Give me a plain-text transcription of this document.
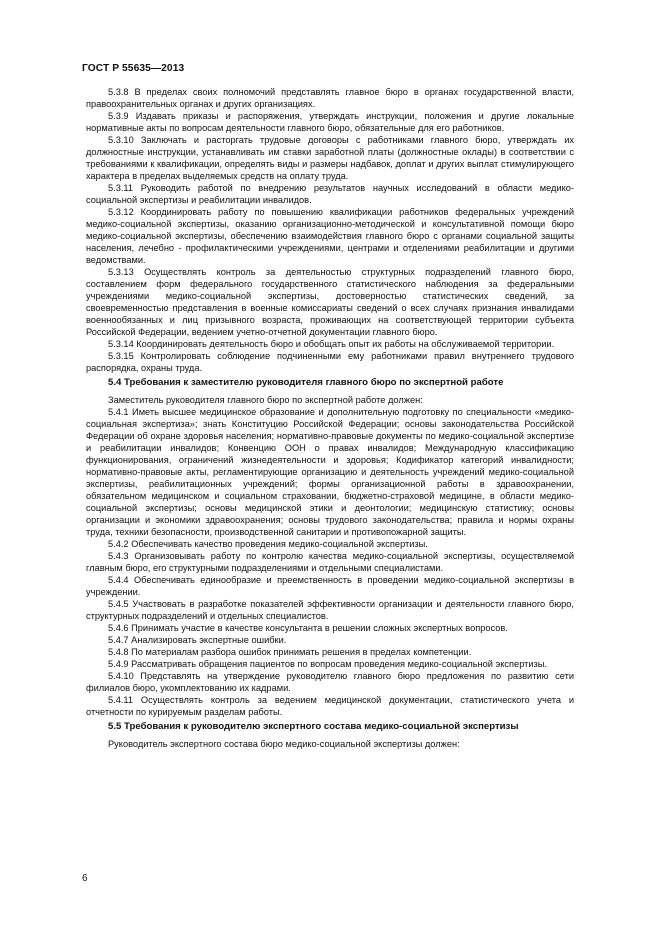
ГОСТ Р 55635—2013

5.3.8 В пределах своих полномочий представлять главное бюро в органах государственной власти, правоохранительных органах и других организациях.

5.3.9 Издавать приказы и распоряжения, утверждать инструкции, положения и другие локальные нормативные акты по вопросам деятельности главного бюро, обязательные для его работников.

5.3.10 Заключать и расторгать трудовые договоры с работниками главного бюро, утверждать их должностные инструкции, устанавливать им ставки заработной платы (должностные оклады) в соответствии с требованиями к квалификации, определять виды и размеры надбавок, доплат и других выплат стимулирующего характера в пределах выделяемых средств на оплату труда.

5.3.11 Руководить работой по внедрению результатов научных исследований в области медико-социальной экспертизы и реабилитации инвалидов.

5.3.12 Координировать работу по повышению квалификации работников федеральных учреждений медико-социальной экспертизы, оказанию организационно-методической и консультативной помощи бюро медико-социальной экспертизы, обеспечению взаимодействия главного бюро с органами социальной защиты населения, лечебно - профилактическими учреждениями, центрами и отделениями реабилитации и другими ведомствами.

5.3.13 Осуществлять контроль за деятельностью структурных подразделений главного бюро, составлением форм федерального государственного статистического наблюдения за федеральными учреждениями медико-социальной экспертизы, достоверностью статистических сведений, за своевременностью представления в военные комиссариаты сведений о всех случаях признания инвалидами военнообязанных и лиц призывного возраста, проживающих на соответствующей территории субъекта Российской Федерации, ведением учетно-отчетной документации главного бюро.

5.3.14 Координировать деятельность бюро и обобщать опыт их работы на обслуживаемой территории.

5.3.15 Контролировать соблюдение подчиненными ему работниками правил внутреннего трудового распорядка, охраны труда.

5.4 Требования к заместителю руководителя главного бюро по экспертной работе

Заместитель руководителя главного бюро по экспертной работе должен:

5.4.1 Иметь высшее медицинское образование и дополнительную подготовку по специальности «медико-социальная экспертиза»; знать Конституцию Российской Федерации; основы законодательства Российской Федерации об охране здоровья населения; нормативно-правовые документы по медико-социальной экспертизе и реабилитации инвалидов; Конвенцию ООН о правах инвалидов; Международную классификацию функционирования, ограничений жизнедеятельности и здоровья; Кодификатор категорий инвалидности; нормативно-правовые акты, регламентирующие организацию и деятельность учреждений медико-социальной экспертизы, реабилитационных учреждений; формы организационной работы в здравоохранении, обязательном медицинском и социальном страховании, бюджетно-страховой медицине, в области медико-социальной экспертизы; основы медицинской этики и деонтологии; медицинскую статистику; основы организации и экономики здравоохранения; основы трудового законодательства; правила и нормы охраны труда, техники безопасности, производственной санитарии и противопожарной защиты.

5.4.2 Обеспечивать качество проведения медико-социальной экспертизы.

5.4.3 Организовывать работу по контролю качества медико-социальной экспертизы, осуществляемой главным бюро, его структурными подразделениями и отдельными специалистами.

5.4.4 Обеспечивать единообразие и преемственность в проведении медико-социальной экспертизы в учреждении.

5.4.5 Участвовать в разработке показателей эффективности организации и деятельности главного бюро, структурных подразделений и отдельных специалистов.

5.4.6 Принимать участие в качестве консультанта в решении сложных экспертных вопросов.

5.4.7 Анализировать экспертные ошибки.

5.4.8 По материалам разбора ошибок принимать решения в пределах компетенции.

5.4.9 Рассматривать обращения пациентов по вопросам проведения медико-социальной экспертизы.

5.4.10 Представлять на утверждение руководителю главного бюро предложения по развитию сети филиалов бюро, укомплектованию их кадрами.

5.4.11 Осуществлять контроль за ведением медицинской документации, статистического учета и отчетности по курируемым разделам работы.

5.5 Требования к руководителю экспертного состава медико-социальной экспертизы

Руководитель экспертного состава бюро медико-социальной экспертизы должен:

6
